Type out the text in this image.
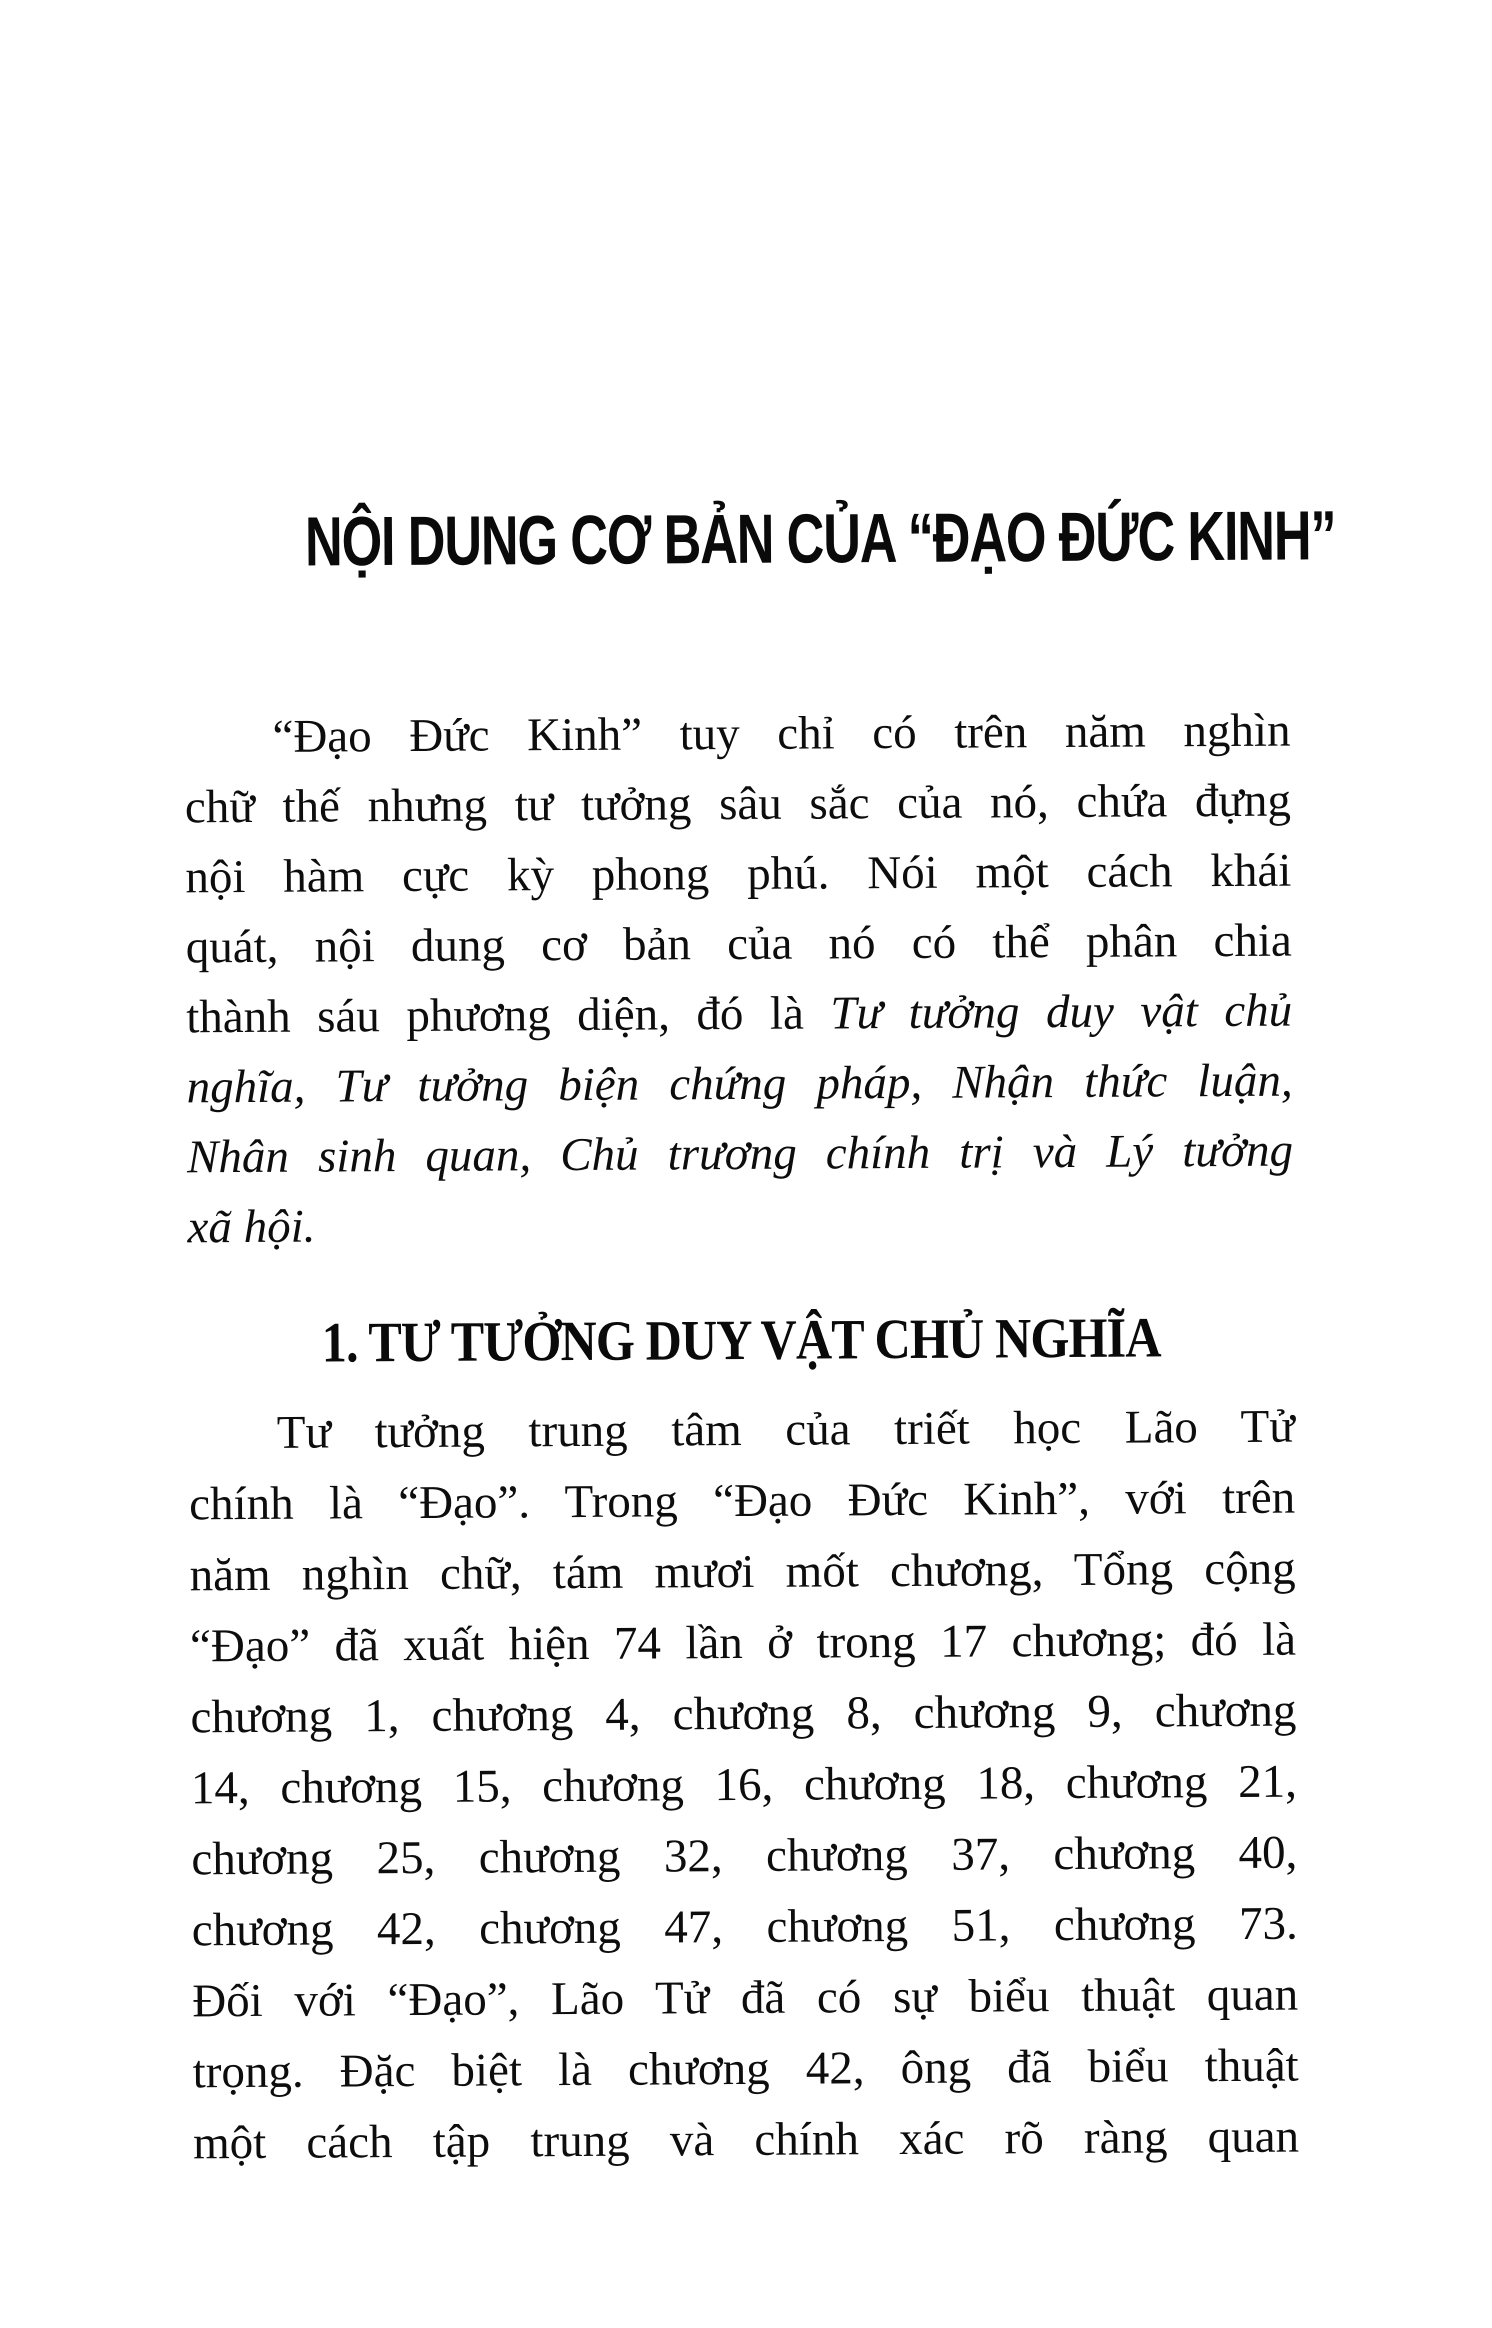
NỘI DUNG CƠ BẢN CỦA “ĐẠO ĐỨC KINH”
“Đạo Đức Kinh” tuy chỉ có trên năm nghìn
chữ thế nhưng tư tưởng sâu sắc của nó, chứa đựng
nội hàm cực kỳ phong phú. Nói một cách khái
quát, nội dung cơ bản của nó có thể phân chia
thành sáu phương diện, đó là Tư tưởng duy vật chủ
nghĩa, Tư tưởng biện chứng pháp, Nhận thức luận,
Nhân sinh quan, Chủ trương chính trị và Lý tưởng
xã hội.
1. TƯ TƯỞNG DUY VẬT CHỦ NGHĨA
Tư tưởng trung tâm của triết học Lão Tử
chính là “Đạo”. Trong “Đạo Đức Kinh”, với trên
năm nghìn chữ, tám mươi mốt chương, Tổng cộng
“Đạo” đã xuất hiện 74 lần ở trong 17 chương; đó là
chương 1, chương 4, chương 8, chương 9, chương
14, chương 15, chương 16, chương 18, chương 21,
chương 25, chương 32, chương 37, chương 40,
chương 42, chương 47, chương 51, chương 73.
Đối với “Đạo”, Lão Tử đã có sự biểu thuật quan
trọng. Đặc biệt là chương 42, ông đã biểu thuật
một cách tập trung và chính xác rõ ràng quan
